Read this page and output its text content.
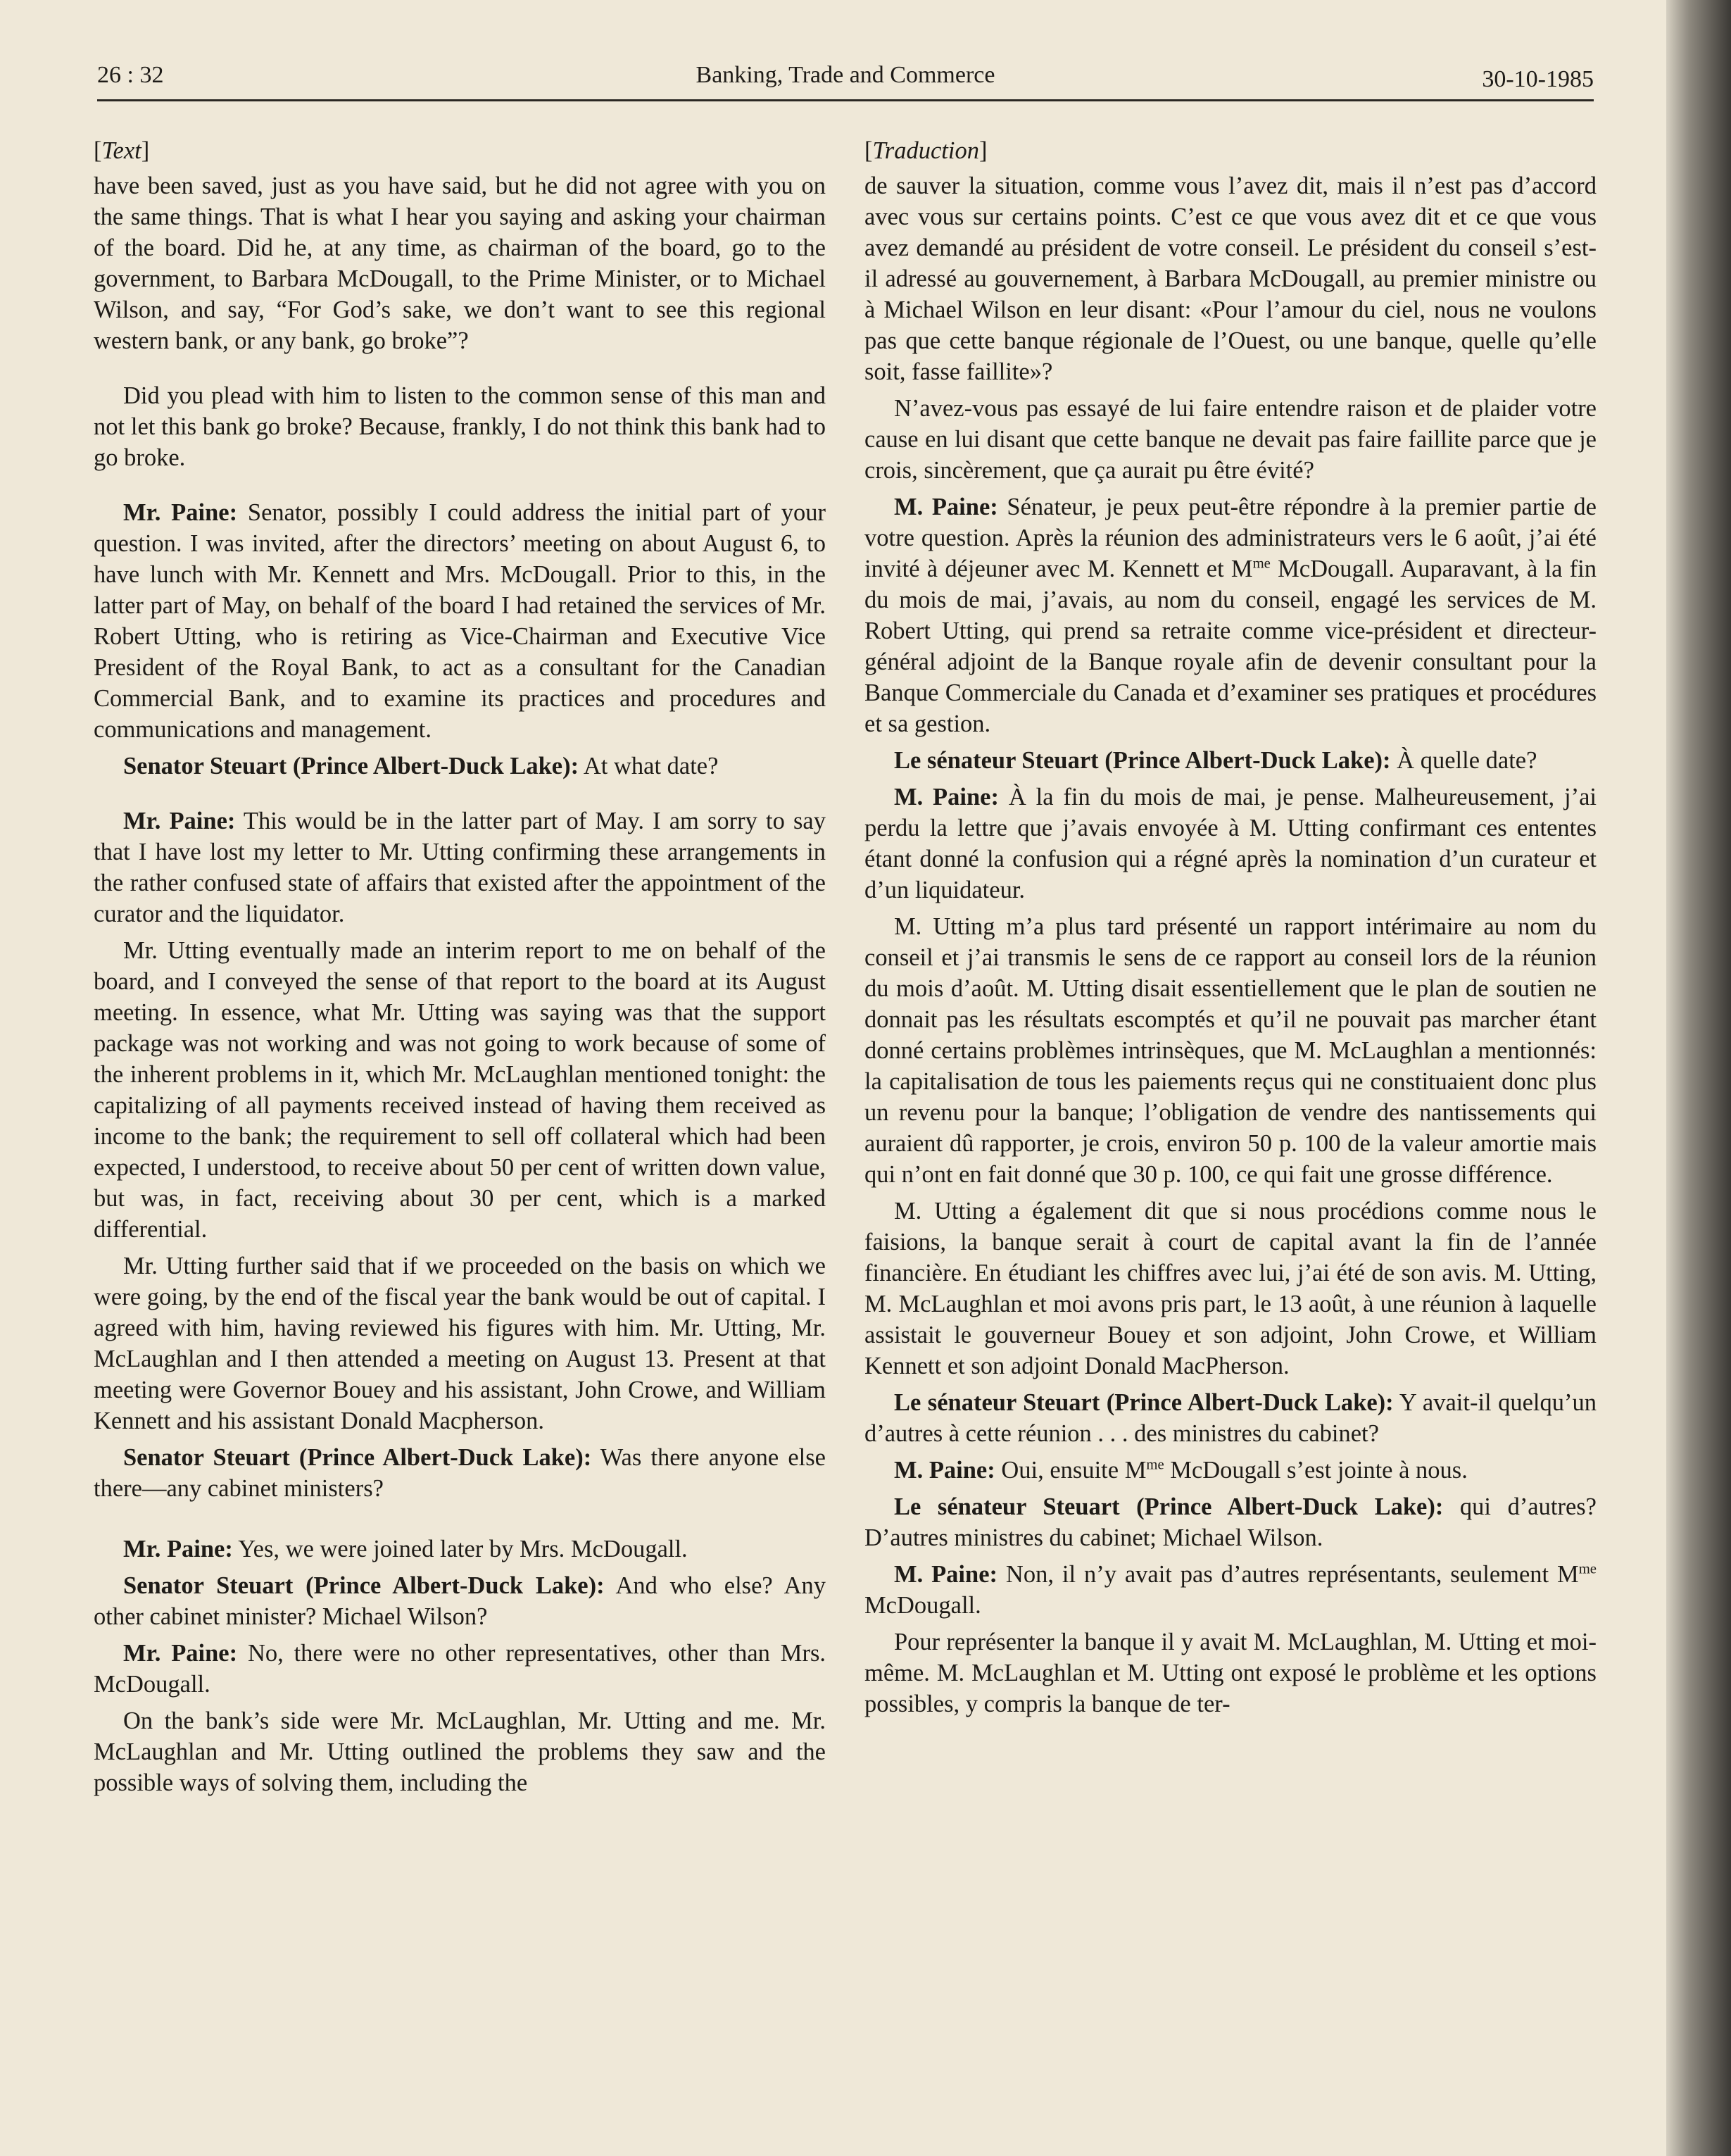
26 : 32	Banking, Trade and Commerce	30-10-1985
[Text]

have been saved, just as you have said, but he did not agree with you on the same things. That is what I hear you saying and asking your chairman of the board. Did he, at any time, as chairman of the board, go to the government, to Barbara McDougall, to the Prime Minister, or to Michael Wilson, and say, “For God’s sake, we don’t want to see this regional western bank, or any bank, go broke”?

Did you plead with him to listen to the common sense of this man and not let this bank go broke? Because, frankly, I do not think this bank had to go broke.

Mr. Paine: Senator, possibly I could address the initial part of your question. I was invited, after the directors’ meeting on about August 6, to have lunch with Mr. Kennett and Mrs. McDougall. Prior to this, in the latter part of May, on behalf of the board I had retained the services of Mr. Robert Utting, who is retiring as Vice-Chairman and Executive Vice President of the Royal Bank, to act as a consultant for the Canadian Commercial Bank, and to examine its practices and procedures and communications and management.

Senator Steuart (Prince Albert-Duck Lake): At what date?

Mr. Paine: This would be in the latter part of May. I am sorry to say that I have lost my letter to Mr. Utting confirming these arrangements in the rather confused state of affairs that existed after the appointment of the curator and the liquidator.

Mr. Utting eventually made an interim report to me on behalf of the board, and I conveyed the sense of that report to the board at its August meeting. In essence, what Mr. Utting was saying was that the support package was not working and was not going to work because of some of the inherent problems in it, which Mr. McLaughlan mentioned tonight: the capitalizing of all payments received instead of having them received as income to the bank; the requirement to sell off collateral which had been expected, I understood, to receive about 50 per cent of written down value, but was, in fact, receiving about 30 per cent, which is a marked differential.

Mr. Utting further said that if we proceeded on the basis on which we were going, by the end of the fiscal year the bank would be out of capital. I agreed with him, having reviewed his figures with him. Mr. Utting, Mr. McLaughlan and I then attended a meeting on August 13. Present at that meeting were Governor Bouey and his assistant, John Crowe, and William Kennett and his assistant Donald Macpherson.

Senator Steuart (Prince Albert-Duck Lake): Was there anyone else there—any cabinet ministers?

Mr. Paine: Yes, we were joined later by Mrs. McDougall.

Senator Steuart (Prince Albert-Duck Lake): And who else? Any other cabinet minister? Michael Wilson?

Mr. Paine: No, there were no other representatives, other than Mrs. McDougall.

On the bank’s side were Mr. McLaughlan, Mr. Utting and me. Mr. McLaughlan and Mr. Utting outlined the problems they saw and the possible ways of solving them, including the

[Traduction]

de sauver la situation, comme vous l’avez dit, mais il n’est pas d’accord avec vous sur certains points. C’est ce que vous avez dit et ce que vous avez demandé au président de votre conseil. Le président du conseil s’est-il adressé au gouvernement, à Barbara McDougall, au premier ministre ou à Michael Wilson en leur disant: «Pour l’amour du ciel, nous ne voulons pas que cette banque régionale de l’Ouest, ou une banque, quelle qu’elle soit, fasse faillite»?

N’avez-vous pas essayé de lui faire entendre raison et de plaider votre cause en lui disant que cette banque ne devait pas faire faillite parce que je crois, sincèrement, que ça aurait pu être évité?

M. Paine: Sénateur, je peux peut-être répondre à la premier partie de votre question. Après la réunion des administrateurs vers le 6 août, j’ai été invité à déjeuner avec M. Kennett et $M^{me}$ McDougall. Auparavant, à la fin du mois de mai, j’avais, au nom du conseil, engagé les services de M. Robert Utting, qui prend sa retraite comme vice-président et directeur-général adjoint de la Banque royale afin de devenir consultant pour la Banque Commerciale du Canada et d’examiner ses pratiques et procédures et sa gestion.

Le sénateur Steuart (Prince Albert-Duck Lake): À quelle date?

M. Paine: À la fin du mois de mai, je pense. Malheureusement, j’ai perdu la lettre que j’avais envoyée à M. Utting confirmant ces ententes étant donné la confusion qui a régné après la nomination d’un curateur et d’un liquidateur.

M. Utting m’a plus tard présenté un rapport intérimaire au nom du conseil et j’ai transmis le sens de ce rapport au conseil lors de la réunion du mois d’août. M. Utting disait essentiellement que le plan de soutien ne donnait pas les résultats escomptés et qu’il ne pouvait pas marcher étant donné certains problèmes intrinsèques, que M. McLaughlan a mentionnés: la capitalisation de tous les paiements reçus qui ne constituaient donc plus un revenu pour la banque; l’obligation de vendre des nantissements qui auraient dû rapporter, je crois, environ 50 p. 100 de la valeur amortie mais qui n’ont en fait donné que 30 p. 100, ce qui fait une grosse différence.

M. Utting a également dit que si nous procédions comme nous le faisions, la banque serait à court de capital avant la fin de l’année financière. En étudiant les chiffres avec lui, j’ai été de son avis. M. Utting, M. McLaughlan et moi avons pris part, le 13 août, à une réunion à laquelle assistait le gouverneur Bouey et son adjoint, John Crowe, et William Kennett et son adjoint Donald MacPherson.

Le sénateur Steuart (Prince Albert-Duck Lake): Y avait-il quelqu’un d’autres à cette réunion . . . des ministres du cabinet?

M. Paine: Oui, ensuite $M^{me}$ McDougall s’est jointe à nous.

Le sénateur Steuart (Prince Albert-Duck Lake): qui d’autres? D’autres ministres du cabinet; Michael Wilson.

M. Paine: Non, il n’y avait pas d’autres représentants, seulement $M^{me}$ McDougall.

Pour représenter la banque il y avait M. McLaughlan, M. Utting et moi-même. M. McLaughlan et M. Utting ont exposé le problème et les options possibles, y compris la banque de ter-
